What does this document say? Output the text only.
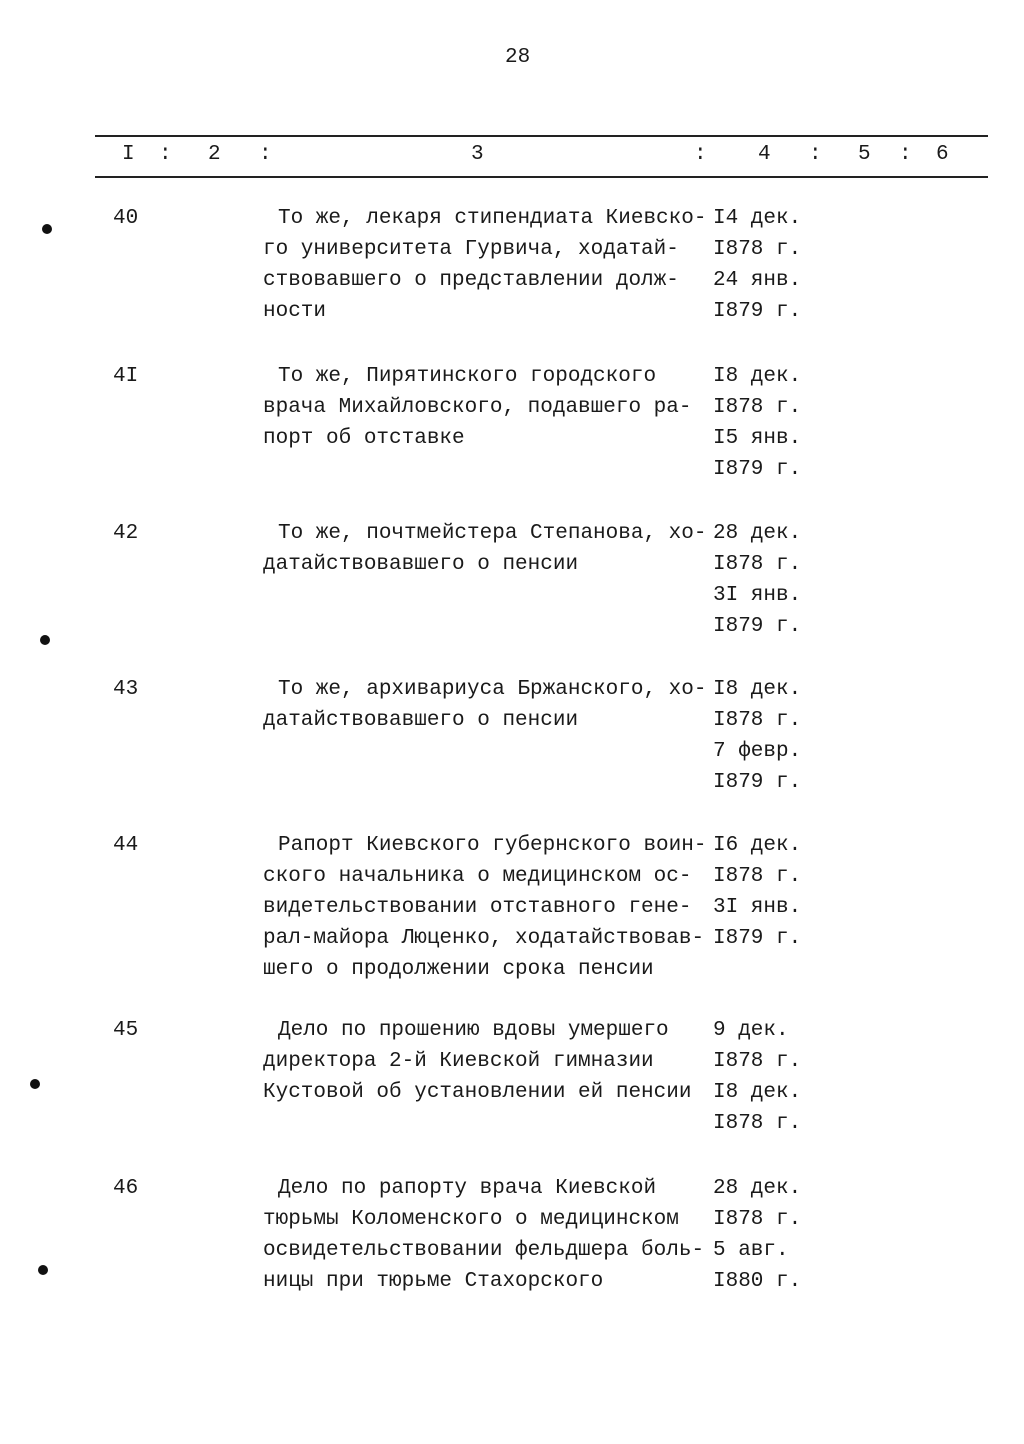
28
I : 2 :	3	: 4 : 5 : 6
40	То же, лекаря стипендиата Киевско-
го университета Гурвича, ходатай-
ствовавшего о представлении долж-
ности
I4 дек.
I878 г.
24 янв.
I879 г.
4I	То же, Пирятинского городского
врача Михайловского, подавшего ра-
порт об отставке
I8 дек.
I878 г.
I5 янв.
I879 г.
42	То же, почтмейстера Степанова, хо-
датайствовавшего о пенсии
28 дек.
I878 г.
3I янв.
I879 г.
43	То же, архивариуса Бржанского, хо-
датайствовавшего о пенсии
I8 дек.
I878 г.
7 февр.
I879 г.
44	Рапорт Киевского губернского воин-
ского начальника о медицинском ос-
видетельствовании отставного гене-
рал-майора Люценко, ходатайствовав-
шего о продолжении срока пенсии
I6 дек.
I878 г.
3I янв.
I879 г.
45	Дело по прошению вдовы умершего
директора 2-й Киевской гимназии
Кустовой об установлении ей пенсии
9 дек.
I878 г.
I8 дек.
I878 г.
46	Дело по рапорту врача Киевской
тюрьмы Коломенского о медицинском
освидетельствовании фельдшера боль-
ницы при тюрьме Стахорского
28 дек.
I878 г.
5 авг.
I880 г.
